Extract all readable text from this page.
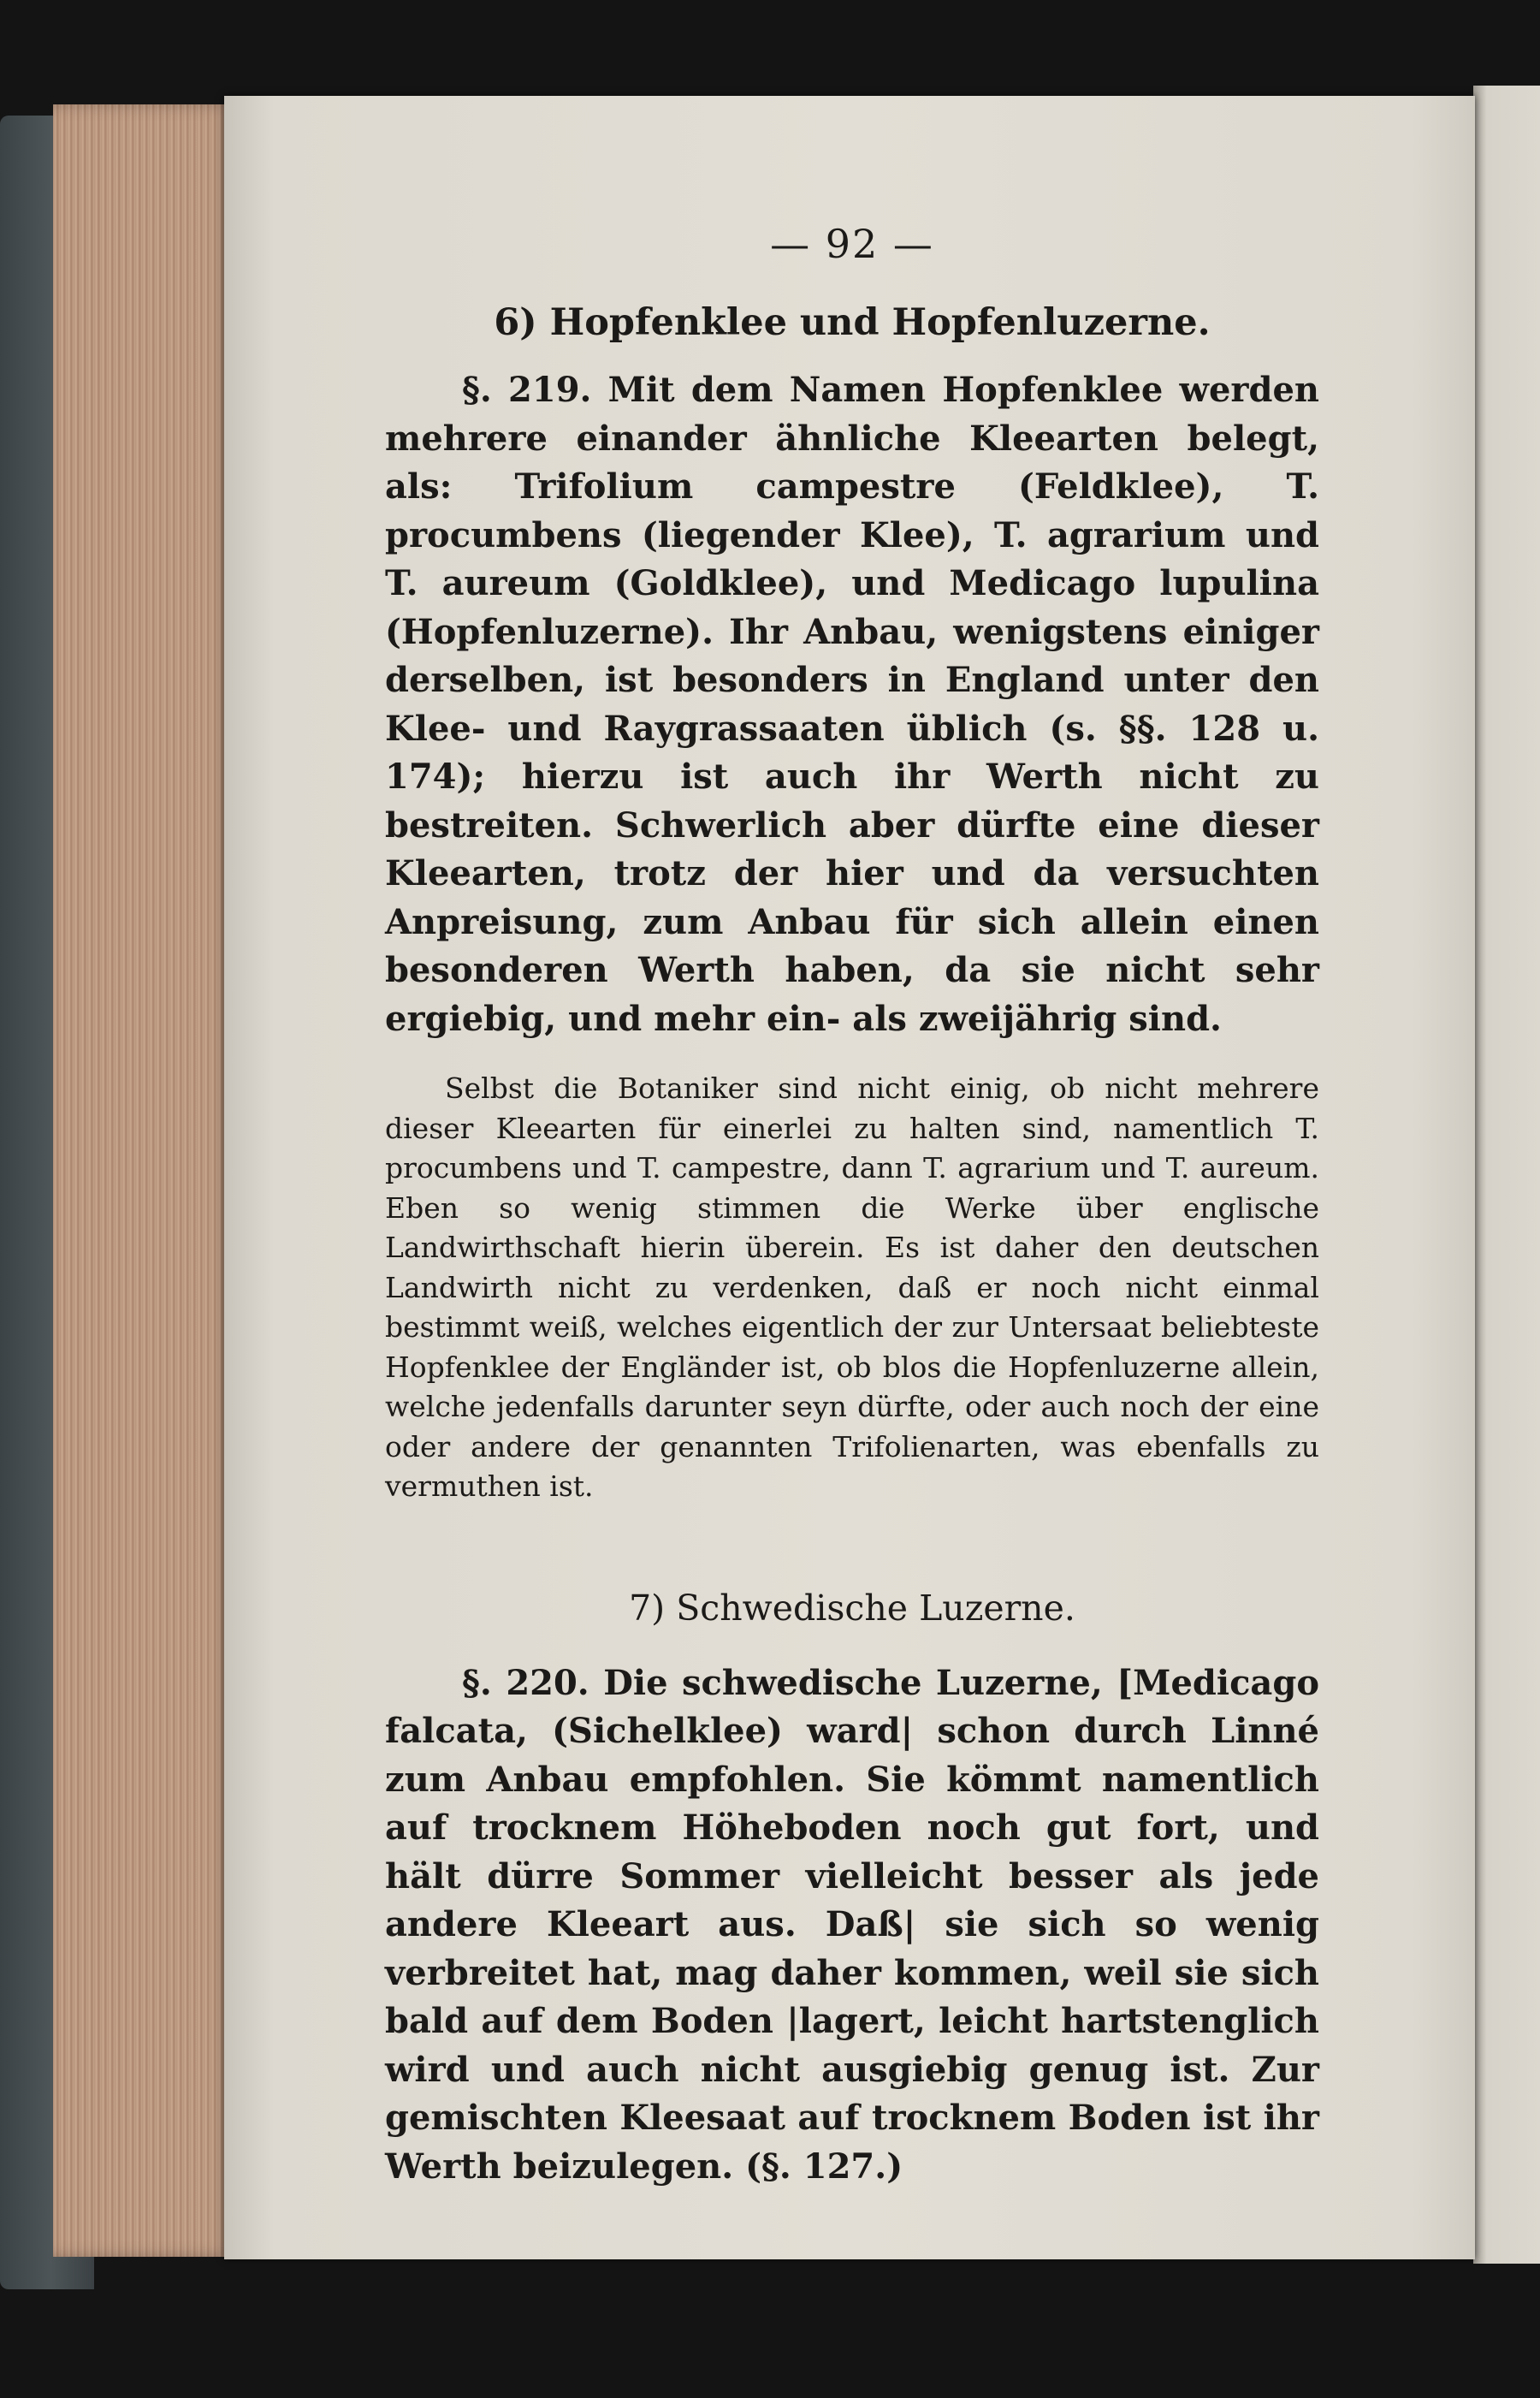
— 92 —
6) Hopfenklee und Hopfenluzerne.

§. 219. Mit dem Namen Hopfenklee werden mehrere einander ähnliche Kleearten belegt, als: Trifolium campestre (Feldklee), T. procumbens (liegender Klee), T. agrarium und T. aureum (Goldklee), und Medicago lupulina (Hopfenluzerne). Ihr Anbau, wenigstens einiger derselben, ist besonders in England unter den Klee- und Raygrassaaten üblich (s. §§. 128 u. 174); hierzu ist auch ihr Werth nicht zu bestreiten. Schwerlich aber dürfte eine dieser Kleearten, trotz der hier und da versuchten Anpreisung, zum Anbau für sich allein einen besonderen Werth haben, da sie nicht sehr ergiebig, und mehr ein- als zweijährig sind.

Selbst die Botaniker sind nicht einig, ob nicht mehrere dieser Kleearten für einerlei zu halten sind, namentlich T. procumbens und T. campestre, dann T. agrarium und T. aureum. Eben so wenig stimmen die Werke über englische Landwirthschaft hierin überein. Es ist daher den deutschen Landwirth nicht zu verdenken, daß er noch nicht einmal bestimmt weiß, welches eigentlich der zur Untersaat beliebteste Hopfenklee der Engländer ist, ob blos die Hopfenluzerne allein, welche jedenfalls darunter seyn dürfte, oder auch noch der eine oder andere der genannten Trifolienarten, was ebenfalls zu vermuthen ist.

7) Schwedische Luzerne.

§. 220. Die schwedische Luzerne, [Medicago falcata, (Sichelklee) ward| schon durch Linné zum Anbau empfohlen. Sie kömmt namentlich auf trocknem Höheboden noch gut fort, und hält dürre Sommer vielleicht besser als jede andere Kleeart aus. Daß| sie sich so wenig verbreitet hat, mag daher kommen, weil sie sich bald auf dem Boden |lagert, leicht hartstenglich wird und auch nicht ausgiebig genug ist. Zur gemischten Kleesaat auf trocknem Boden ist ihr Werth beizulegen. (§. 127.)
